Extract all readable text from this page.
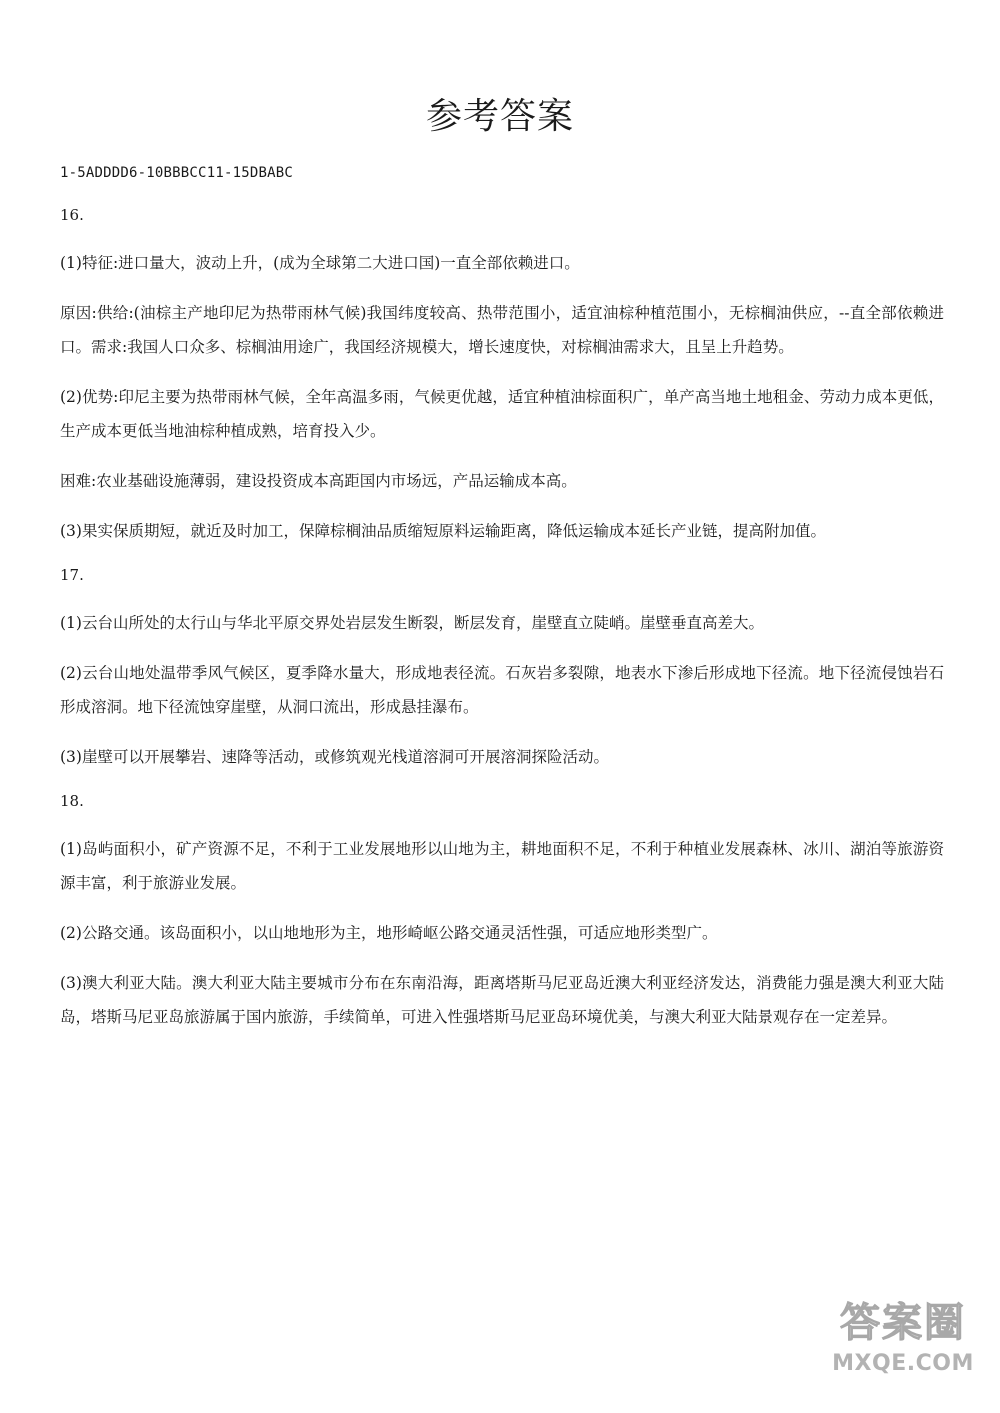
参考答案

1-5ADDDD6-10BBBCC11-15DBABC

16.

(1)特征:进口量大，波动上升，(成为全球第二大进口国)一直全部依赖进口。

原因:供给:(油棕主产地印尼为热带雨林气候)我国纬度较高、热带范围小，适宜油棕种植范围小，无棕榈油供应，--直全部依赖进口。需求:我国人口众多、棕榈油用途广，我国经济规模大，增长速度快，对棕榈油需求大，且呈上升趋势。

(2)优势:印尼主要为热带雨林气候，全年高温多雨，气候更优越，适宜种植油棕面积广，单产高当地土地租金、劳动力成本更低，生产成本更低当地油棕种植成熟，培育投入少。

困难:农业基础设施薄弱，建设投资成本高距国内市场远，产品运输成本高。

(3)果实保质期短，就近及时加工，保障棕榈油品质缩短原料运输距离，降低运输成本延长产业链，提高附加值。

17.

(1)云台山所处的太行山与华北平原交界处岩层发生断裂，断层发育，崖壁直立陡峭。崖壁垂直高差大。

(2)云台山地处温带季风气候区，夏季降水量大，形成地表径流。石灰岩多裂隙，地表水下渗后形成地下径流。地下径流侵蚀岩石形成溶洞。地下径流蚀穿崖壁，从洞口流出，形成悬挂瀑布。

(3)崖壁可以开展攀岩、速降等活动，或修筑观光栈道溶洞可开展溶洞探险活动。

18.

(1)岛屿面积小，矿产资源不足，不利于工业发展地形以山地为主，耕地面积不足，不利于种植业发展森林、冰川、湖泊等旅游资源丰富，利于旅游业发展。

(2)公路交通。该岛面积小，以山地地形为主，地形崎岖公路交通灵活性强，可适应地形类型广。

(3)澳大利亚大陆。澳大利亚大陆主要城市分布在东南沿海，距离塔斯马尼亚岛近澳大利亚经济发达，消费能力强是澳大利亚大陆岛，塔斯马尼亚岛旅游属于国内旅游，手续简单，可进入性强塔斯马尼亚岛环境优美，与澳大利亚大陆景观存在一定差异。

答案圈
MXQE.COM
